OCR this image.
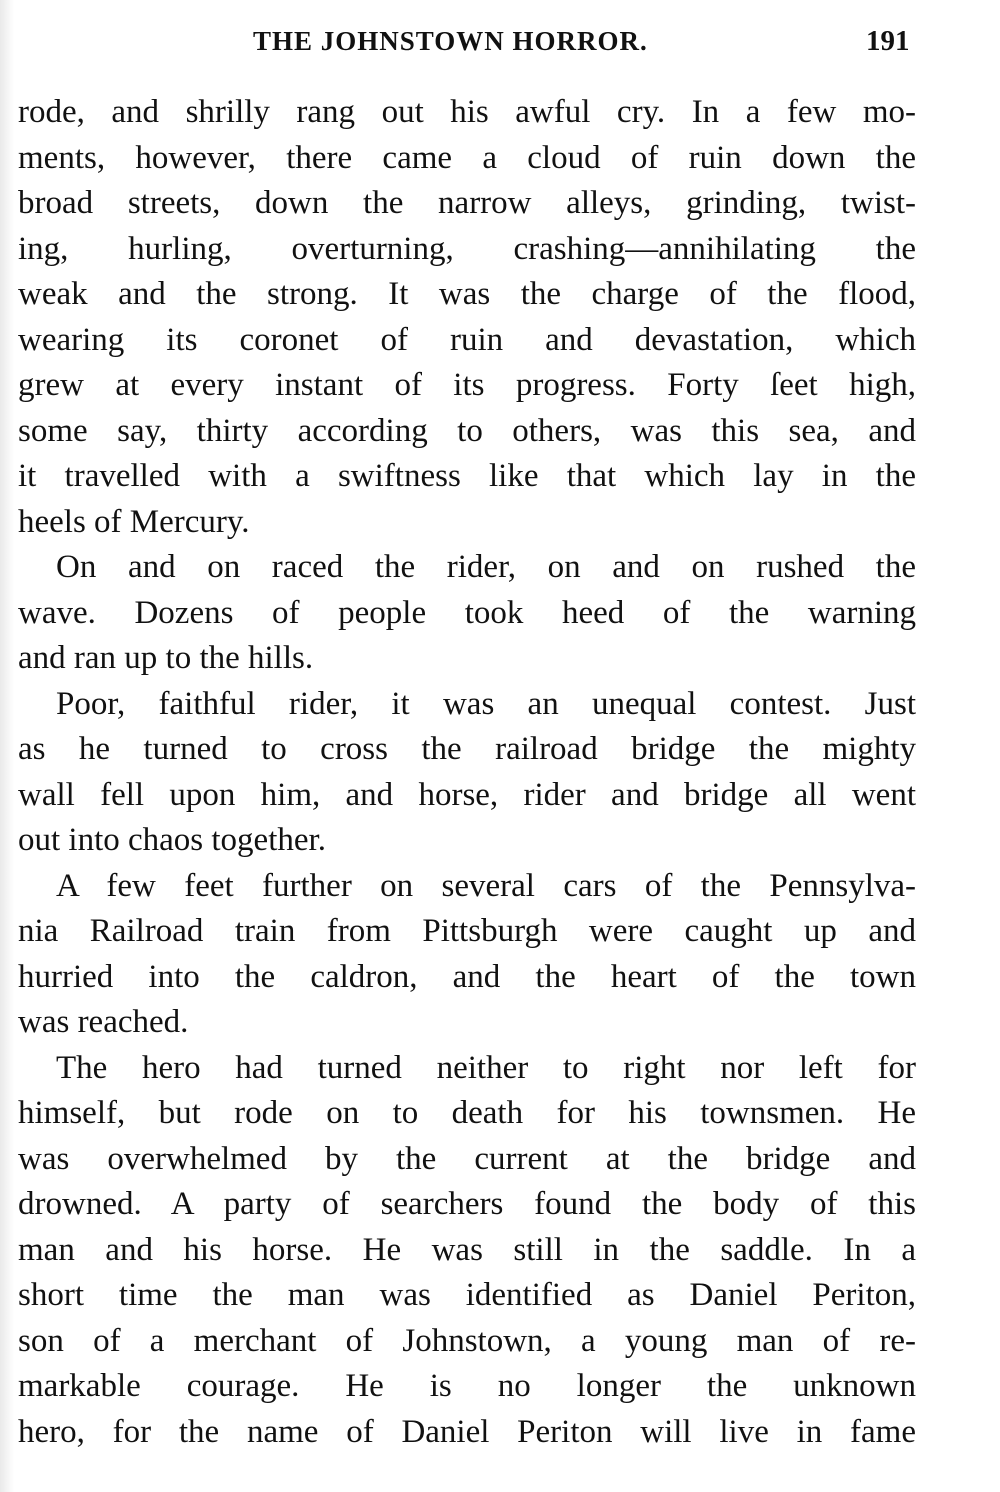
THE JOHNSTOWN HORROR.	191
rode, and shrilly rang out his awful cry. In a few mo-
ments, however, there came a cloud of ruin down the
broad streets, down the narrow alleys, grinding, twist-
ing, hurling, overturning, crashing—annihilating the
weak and the strong. It was the charge of the flood,
wearing its coronet of ruin and devastation, which
grew at every instant of its progress. Forty ſeet high,
some say, thirty according to others, was this sea, and
it travelled with a swiftness like that which lay in the
heels of Mercury.
On and on raced the rider, on and on rushed the
wave. Dozens of people took heed of the warning
and ran up to the hills.
Poor, faithful rider, it was an unequal contest. Just
as he turned to cross the railroad bridge the mighty
wall fell upon him, and horse, rider and bridge all went
out into chaos together.
A few feet further on several cars of the Pennsylva-
nia Railroad train from Pittsburgh were caught up and
hurried into the caldron, and the heart of the town
was reached.
The hero had turned neither to right nor left for
himself, but rode on to death for his townsmen. He
was overwhelmed by the current at the bridge and
drowned. A party of searchers found the body of this
man and his horse. He was still in the saddle. In a
short time the man was identified as Daniel Periton,
son of a merchant of Johnstown, a young man of re-
markable courage. He is no longer the unknown
hero, for the name of Daniel Periton will live in fame
